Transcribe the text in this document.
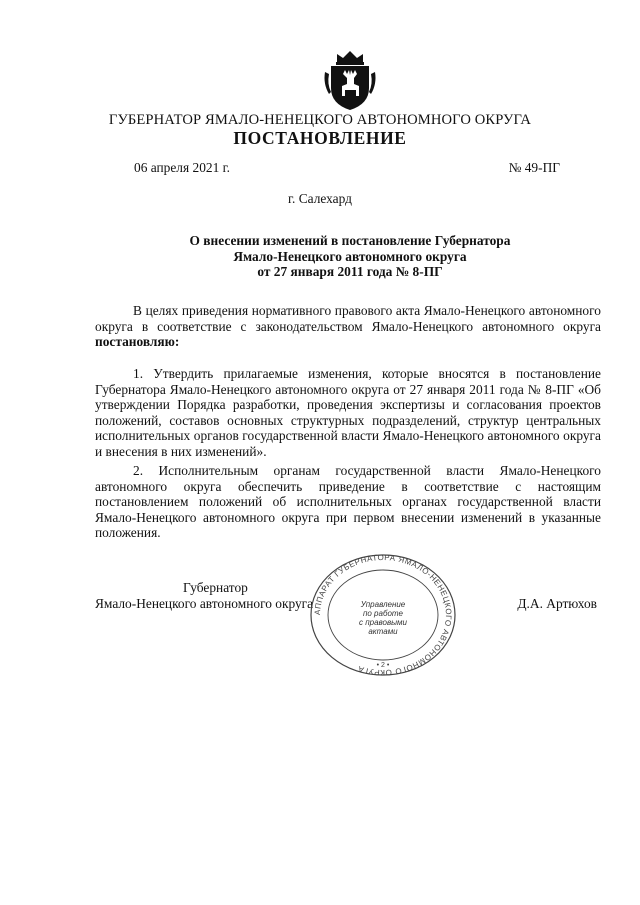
ГУБЕРНАТОР ЯМАЛО-НЕНЕЦКОГО АВТОНОМНОГО ОКРУГА
ПОСТАНОВЛЕНИЕ
06 апреля 2021 г.	№ 49-ПГ
г. Салехард
О внесении изменений в постановление Губернатора
Ямало-Ненецкого автономного округа
от 27 января 2011 года № 8-ПГ

В целях приведения нормативного правового акта Ямало-Ненецкого автономного округа в соответствие с законодательством Ямало-Ненецкого автономного округа постановляю:

1. Утвердить прилагаемые изменения, которые вносятся в постановление Губернатора Ямало-Ненецкого автономного округа от 27 января 2011 года № 8-ПГ «Об утверждении Порядка разработки, проведения экспертизы и согласования проектов положений, составов основных структурных подразделений, структур центральных исполнительных органов государственной власти Ямало-Ненецкого автономного округа и внесения в них изменений».

2. Исполнительным органам государственной власти Ямало-Ненецкого автономного округа обеспечить приведение в соответствие с настоящим постановлением положений об исполнительных органах государственной власти Ямало-Ненецкого автономного округа при первом внесении изменений в указанные положения.

Губернатор
Ямало-Ненецкого автономного округа	Д.А. Артюхов
АППАРАТ ГУБЕРНАТОРА ЯМАЛО-НЕНЕЦКОГО АВТОНОМНОГО ОКРУГА	• 2 •
Управление
по работе
с правовыми
актами
